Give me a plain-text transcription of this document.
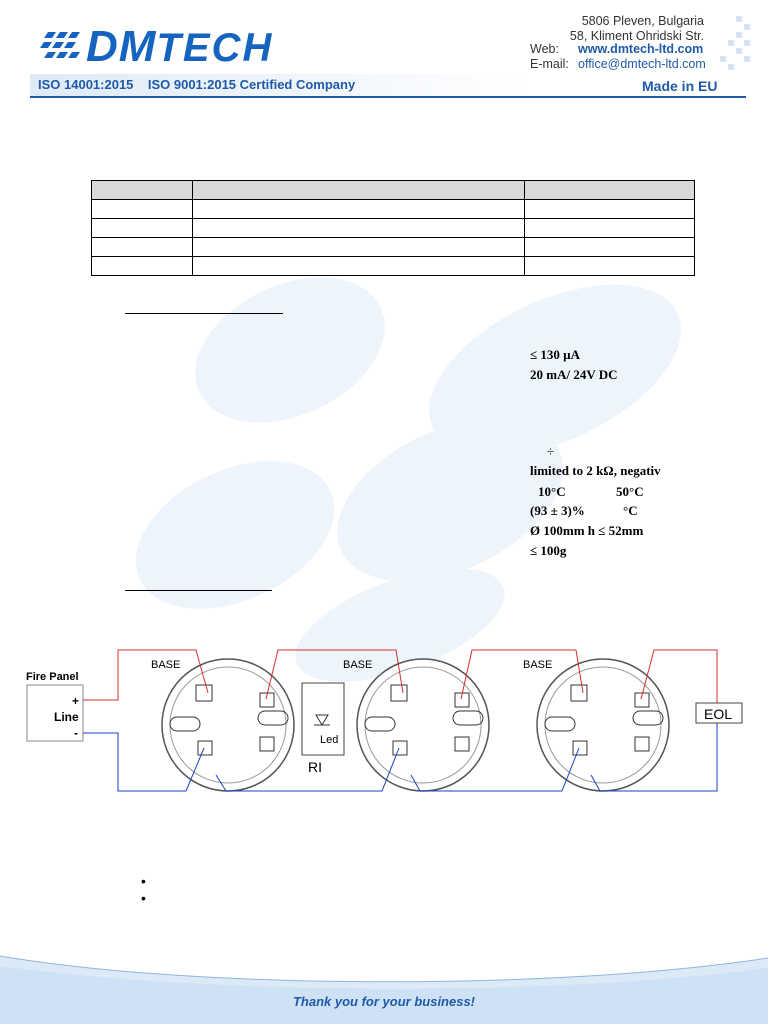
DMTECH
ISO 14001:2015    ISO 9001:2015 Certified Company
5806 Pleven, Bulgaria
58, Kliment Ohridski Str.
Web: www.dmtech-ltd.com
E-mail: office@dmtech-ltd.com
Made in EU

≤ 130 µA
20 mA/ 24V DC
÷
limited to 2 kΩ, negativ
10°C	50°C
(93 ± 3)%	°C
Ø 100mm h ≤ 52mm
≤ 100g
Fire Panel
+
Line
-
BASE	BASE	BASE
Led
RI
EOL
•
•
Thank you for your business!
